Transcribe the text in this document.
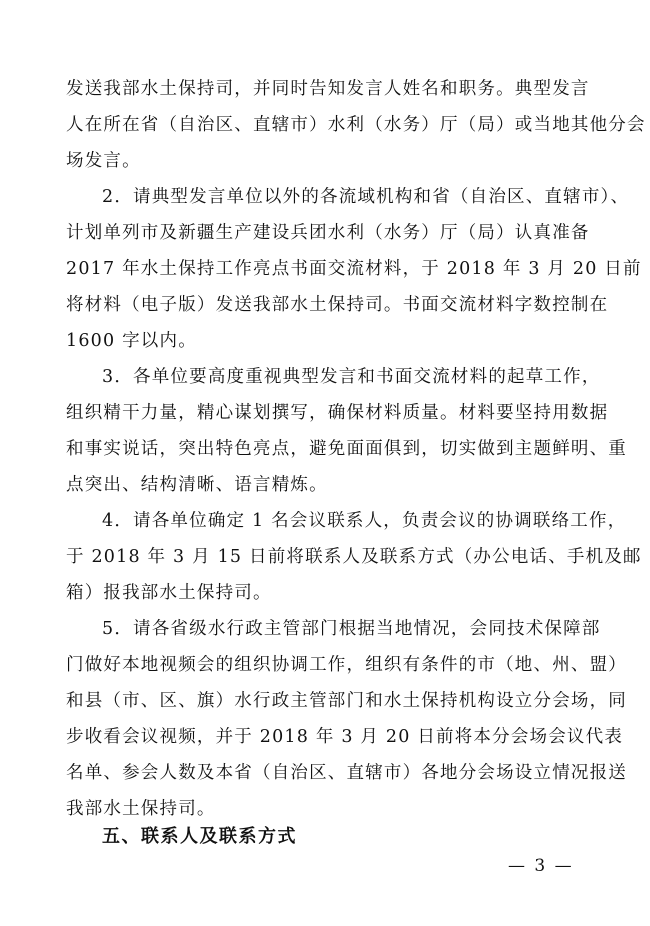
发送我部水土保持司，并同时告知发言人姓名和职务。典型发言
人在所在省（自治区、直辖市）水利（水务）厅（局）或当地其他分会
场发言。
2．请典型发言单位以外的各流域机构和省（自治区、直辖市）、
计划单列市及新疆生产建设兵团水利（水务）厅（局）认真准备
2017 年水土保持工作亮点书面交流材料，于 2018 年 3 月 20 日前
将材料（电子版）发送我部水土保持司。书面交流材料字数控制在
1600 字以内。
3．各单位要高度重视典型发言和书面交流材料的起草工作，
组织精干力量，精心谋划撰写，确保材料质量。材料要坚持用数据
和事实说话，突出特色亮点，避免面面俱到，切实做到主题鲜明、重
点突出、结构清晰、语言精炼。
4．请各单位确定 1 名会议联系人，负责会议的协调联络工作，
于 2018 年 3 月 15 日前将联系人及联系方式（办公电话、手机及邮
箱）报我部水土保持司。
5．请各省级水行政主管部门根据当地情况，会同技术保障部
门做好本地视频会的组织协调工作，组织有条件的市（地、州、盟）
和县（市、区、旗）水行政主管部门和水土保持机构设立分会场，同
步收看会议视频，并于 2018 年 3 月 20 日前将本分会场会议代表
名单、参会人数及本省（自治区、直辖市）各地分会场设立情况报送
我部水土保持司。
五、联系人及联系方式
— 3 —
